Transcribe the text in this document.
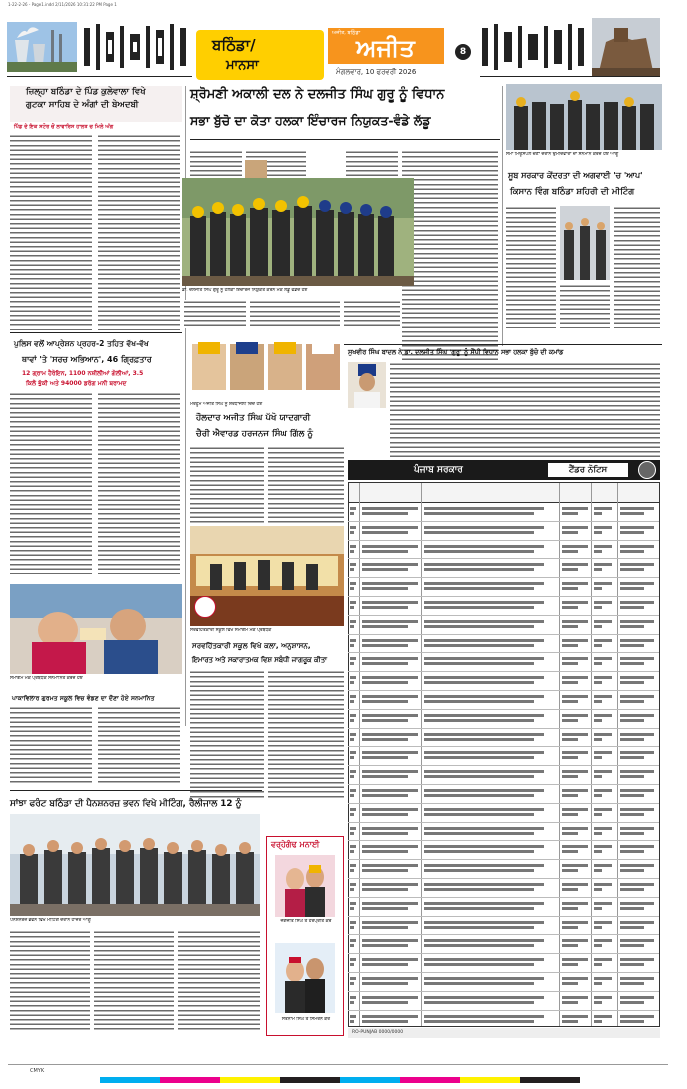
1-22-2-26 - Page1.indd 2/11/2026 10:31:22 PM Page 1
ਬਠਿੰਡਾ/
ਮਾਨਸਾ
ਅਜੀਤ, ਬਠਿੰਡਾ
ਅਜੀਤ
ਮੰਗਲਵਾਰ, 10 ਫਰਵਰੀ 2026
8
ਜ਼ਿਲ੍ਹਾ ਬਠਿੰਡਾ ਦੇ ਪਿੰਡ ਕੁਲੇਵਾਲਾ ਵਿਖੇ
ਗੁਟਕਾ ਸਾਹਿਬ ਦੇ ਅੰਗਾਂ ਦੀ ਬੇਅਦਬੀ
ਪਿੰਡ ਦੇ ਇਕ ਸਟੋਰ ਚੋਂ ਲਾਵਾਰਿਸ ਹਾਲਤ ਚ ਮਿਲੇ ਅੰਗ
ਸ਼੍ਰੋਮਣੀ ਅਕਾਲੀ ਦਲ ਨੇ ਦਲਜੀਤ ਸਿੰਘ ਗੁਰੂ ਨੂੰ ਵਿਧਾਨ
ਸਭਾ ਬੁੱਚੋ ਦਾ ਕੋਤਾ ਹਲਕਾ ਇੰਚਾਰਜ ਨਿਯੁਕਤ-ਵੰਡੇ ਲੱਡੂ
ਡਾ. ਦਲਜੀਤ ਸਿੰਘ ਗੁਰੂ ਨੂੰ ਹਲਕਾ ਇੰਚਾਰਜ ਨਿਯੁਕਤ ਕਰਨ ਮੌਕੇ ਲੱਡੂ ਵੰਡਦੇ ਹੋਏ
ਸਮਾ ਮਿਊਂਸਪਲ ਚੋਣਾਂ ਦੌਰਾਨ ਉਮੀਦਵਾਰਾਂ ਦਾ ਸਨਮਾਨ ਕਰਦੇ ਹੋਏ ਆਗੂ
ਸੂਬ ਸਰਕਾਰ ਕੇਂਦਰਤਾ ਦੀ ਅਗਵਾਈ 'ਚ 'ਆਪ'
ਕਿਸਾਨ ਵਿੰਗ ਬਠਿੰਡਾ ਸ਼ਹਿਰੀ ਦੀ ਮੀਟਿੰਗ
ਪੁਲਿਸ ਵਲੋਂ ਆਪ੍ਰੇਸ਼ਨ ਪ੍ਰਹਰ-2 ਤਹਿਤ ਵੱਖ-ਵੱਖ
ਥਾਵਾਂ 'ਤੇ 'ਸਰਚ ਅਭਿਆਨ', 46 ਗ੍ਰਿਫ਼ਤਾਰ
12 ਗ੍ਰਾਮ ਹੈਰੋਇਨ, 1100 ਨਸ਼ੀਲੀਆਂ ਗੋਲੀਆਂ, 3.5
ਕਿਲੋ ਭੁੱਕੀ ਅਤੇ 94000 ਡਰੱਗ ਮਨੀ ਬਰਾਮਦ
ਸਮਾਗਮ ਮੌਕੇ ਪ੍ਰਬੰਧਕ ਸਨਮਾਨਿਤ ਕਰਦੇ ਹੋਏ
ਪਾਕਾਵਿਲਾਰ ਗੁਰਮਤ ਸਕੂਲ ਵਿਚ ਵੰਡਣ ਦਾ ਦੌਣਾ ਹੋਏ ਸਨਮਾਨਿਤ
ਮਰਹੂਮ ਅਜੀਤ ਸਿੰਘ ਨੂੰ ਸ਼ਰਧਾਂਜਲੀ ਦਿੰਦੇ ਹੋਏ
ਹੌਲਦਾਰ ਅਜੀਤ ਸਿੰਘ ਪੱਖੋ ਯਾਦਗਾਰੀ
ਚੈਰੀ ਐਵਾਰਡ ਹਰਜਨਜ ਸਿੰਘ ਗਿੱਲ ਨੂੰ
ਸਰਵਹਿਤਕਾਰੀ ਸਕੂਲ ਵਿਖੇ ਸਮਾਗਮ ਮੌਕੇ ਪ੍ਰਬੰਧਕ
ਸਰਵਹਿੱਤਕਾਰੀ ਸਕੂਲ ਵਿਖੇ ਕਲਾ, ਅਨੁਸ਼ਾਸਨ,
ਇਮਾਰਤ ਅਤੇ ਸਕਾਰਾਤਮਕ ਵਿਸ਼ ਸਬੰਧੀ ਜਾਗਰੂਕ ਕੀਤਾ
ਸੁਖਵੀਰ ਸਿੰਘ ਬਾਦਲ ਨੇ ਡਾ. ਦਲਜੀਤ ਸਿੰਘ 'ਗੁਰੂ' ਨੂੰ ਸੌਂਪੀ ਵਿਧਾਨ ਸਭਾ ਹਲਕਾ ਬੁੱਚੋ ਦੀ ਕਮਾਂਡ
ਪੰਜਾਬ ਸਰਕਾਰ	ਟੈਂਡਰ ਨੋਟਿਸ
RO-PUNJAB 0000/0000
ਵਰ੍ਹੇਗੰਢ ਮਨਾਈ
ਜਗਜੀਤ ਸਿੰਘ ਤੇ ਹਰਪ੍ਰੀਤ ਕੌਰ
ਸਤਨਾਮ ਸਿੰਘ ਤੇ ਸਿਮਰਨ ਕੌਰ
ਸਾਂਝਾ ਫਰੰਟ ਬਠਿੰਡਾ ਦੀ ਪੈਨਸ਼ਨਰਜ਼ ਭਵਨ ਵਿਖੇ ਮੀਟਿੰਗ, ਰੈਲੀਜਾਲ 12 ਨੂੰ
ਪੈਨਸ਼ਨਰਜ਼ ਭਵਨ ਵਿਖੇ ਮੀਟਿੰਗ ਦੌਰਾਨ ਹਾਜ਼ਰ ਆਗੂ
CMYK
